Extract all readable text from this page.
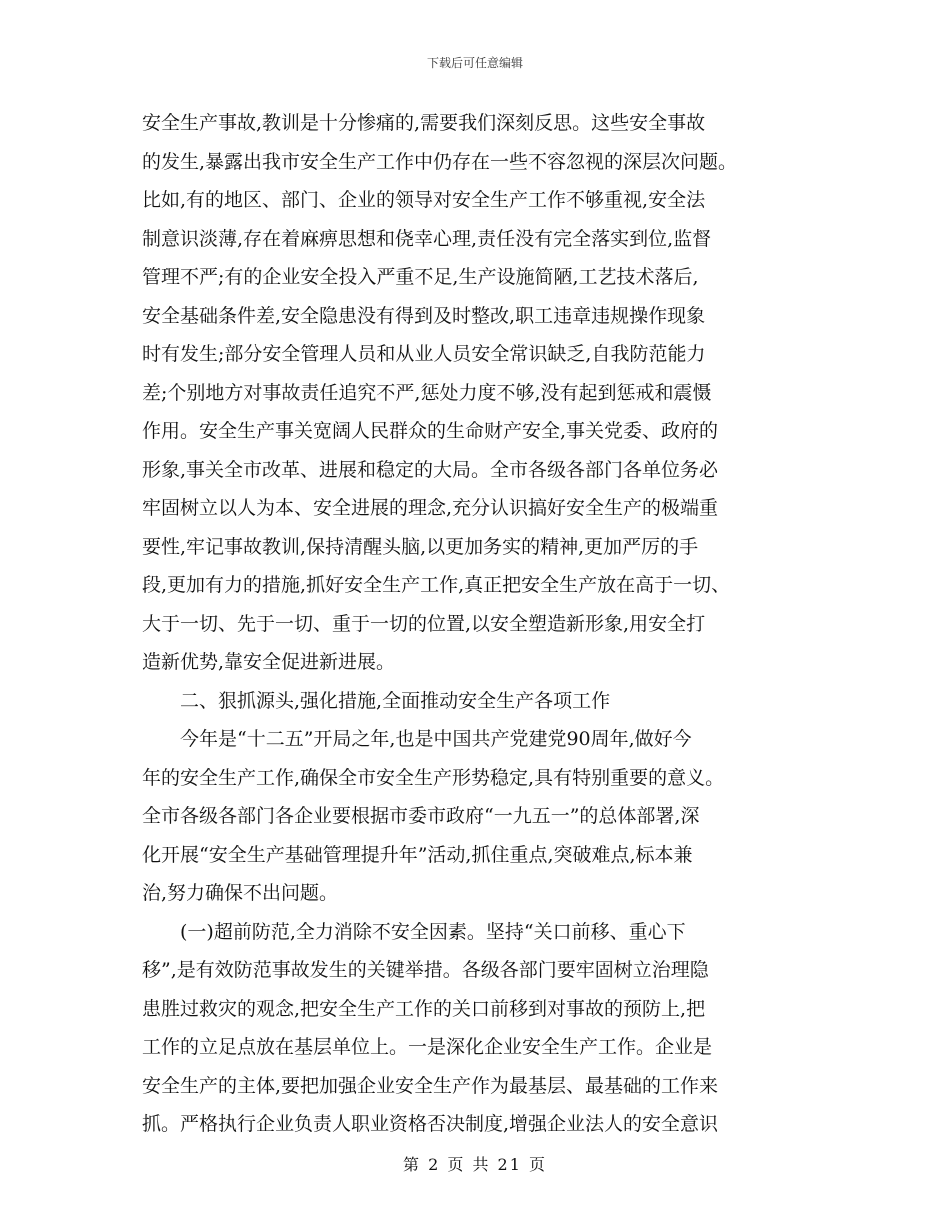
下载后可任意编辑
安全生产事故,教训是十分惨痛的,需要我们深刻反思。这些安全事故
的发生,暴露出我市安全生产工作中仍存在一些不容忽视的深层次问题。
比如,有的地区、部门、企业的领导对安全生产工作不够重视,安全法
制意识淡薄,存在着麻痹思想和侥幸心理,责任没有完全落实到位,监督
管理不严;有的企业安全投入严重不足,生产设施简陋,工艺技术落后,
安全基础条件差,安全隐患没有得到及时整改,职工违章违规操作现象
时有发生;部分安全管理人员和从业人员安全常识缺乏,自我防范能力
差;个别地方对事故责任追究不严,惩处力度不够,没有起到惩戒和震慑
作用。安全生产事关宽阔人民群众的生命财产安全,事关党委、政府的
形象,事关全市改革、进展和稳定的大局。全市各级各部门各单位务必
牢固树立以人为本、安全进展的理念,充分认识搞好安全生产的极端重
要性,牢记事故教训,保持清醒头脑,以更加务实的精神,更加严厉的手
段,更加有力的措施,抓好安全生产工作,真正把安全生产放在高于一切、
大于一切、先于一切、重于一切的位置,以安全塑造新形象,用安全打
造新优势,靠安全促进新进展。
二、狠抓源头,强化措施,全面推动安全生产各项工作
今年是“十二五”开局之年,也是中国共产党建党90周年,做好今
年的安全生产工作,确保全市安全生产形势稳定,具有特别重要的意义。
全市各级各部门各企业要根据市委市政府“一九五一”的总体部署,深
化开展“安全生产基础管理提升年”活动,抓住重点,突破难点,标本兼
治,努力确保不出问题。
(一)超前防范,全力消除不安全因素。坚持“关口前移、重心下
移”,是有效防范事故发生的关键举措。各级各部门要牢固树立治理隐
患胜过救灾的观念,把安全生产工作的关口前移到对事故的预防上,把
工作的立足点放在基层单位上。一是深化企业安全生产工作。企业是
安全生产的主体,要把加强企业安全生产作为最基层、最基础的工作来
抓。严格执行企业负责人职业资格否决制度,增强企业法人的安全意识
第 2 页 共 21 页
